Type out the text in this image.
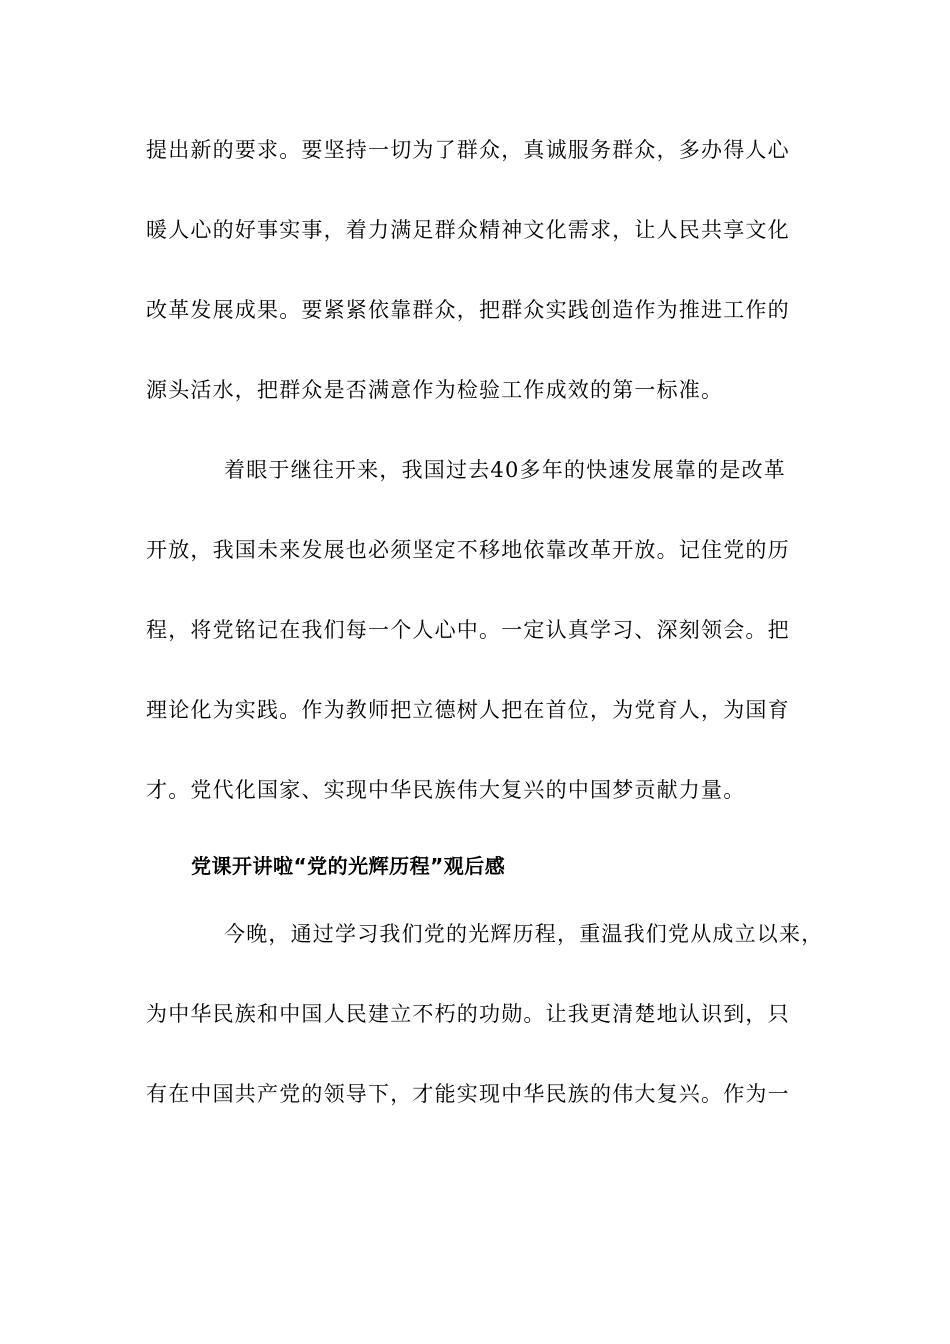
提出新的要求。要坚持一切为了群众，真诚服务群众，多办得人心
暖人心的好事实事，着力满足群众精神文化需求，让人民共享文化
改革发展成果。要紧紧依靠群众，把群众实践创造作为推进工作的
源头活水，把群众是否满意作为检验工作成效的第一标准。
着眼于继往开来，我国过去40多年的快速发展靠的是改革
开放，我国未来发展也必须坚定不移地依靠改革开放。记住党的历
程，将党铭记在我们每一个人心中。一定认真学习、深刻领会。把
理论化为实践。作为教师把立德树人把在首位，为党育人，为国育
才。党代化国家、实现中华民族伟大复兴的中国梦贡献力量。
党课开讲啦“党的光辉历程”观后感
今晚，通过学习我们党的光辉历程，重温我们党从成立以来，
为中华民族和中国人民建立不朽的功勋。让我更清楚地认识到，只
有在中国共产党的领导下，才能实现中华民族的伟大复兴。作为一
